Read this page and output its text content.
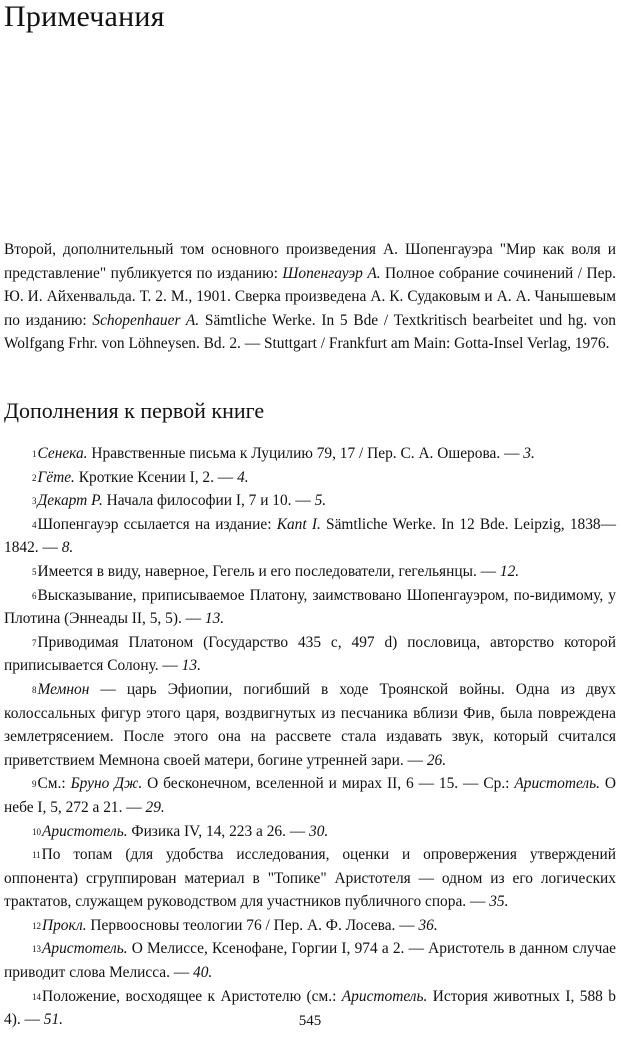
Примечания

Второй, дополнительный том основного произведения А. Шопенгауэра "Мир как воля и представление" публикуется по изданию: Шопенгауэр А. Полное собрание сочинений / Пер. Ю. И. Айхенвальда. Т. 2. М., 1901. Сверка произведена А. К. Судаковым и А. А. Чанышевым по изданию: Schopenhauer A. Sämtliche Werke. In 5 Bde / Textkritisch bearbeitet und hg. von Wolfgang Frhr. von Löhneysen. Bd. 2. — Stuttgart / Frankfurt am Main: Gotta-Insel Verlag, 1976.

Дополнения к первой книге
$^1$Сенека. Нравственные письма к Луцилию 79, 17 / Пер. С. А. Ошерова. — 3.
$^2$Гёте. Кроткие Ксении I, 2. — 4.
$^3$Декарт Р. Начала философии I, 7 и 10. — 5.
$^4$Шопенгауэр ссылается на издание: Kant I. Sämtliche Werke. In 12 Bde. Leipzig, 1838—1842. — 8.
$^5$Имеется в виду, наверное, Гегель и его последователи, гегельянцы. — 12.
$^6$Высказывание, приписываемое Платону, заимствовано Шопенгауэром, по-видимому, у Плотина (Эннеады II, 5, 5). — 13.
$^7$Приводимая Платоном (Государство 435 с, 497 d) пословица, авторство которой приписывается Солону. — 13.
$^8$Мемнон — царь Эфиопии, погибший в ходе Троянской войны. Одна из двух колоссальных фигур этого царя, воздвигнутых из песчаника вблизи Фив, была повреждена землетрясением. После этого она на рассвете стала издавать звук, который считался приветствием Мемнона своей матери, богине утренней зари. — 26.
$^9$См.: Бруно Дж. О бесконечном, вселенной и мирах II, 6 — 15. — Ср.: Аристотель. О небе I, 5, 272 а 21. — 29.
$^{10}$Аристотель. Физика IV, 14, 223 а 26. — 30.
$^{11}$По топам (для удобства исследования, оценки и опровержения утверждений оппонента) сгруппирован материал в "Топике" Аристотеля — одном из его логических трактатов, служащем руководством для участников публичного спора. — 35.
$^{12}$Прокл. Первоосновы теологии 76 / Пер. А. Ф. Лосева. — 36.
$^{13}$Аристотель. О Мелиссе, Ксенофане, Горгии I, 974 а 2. — Аристотель в данном случае приводит слова Мелисса. — 40.
$^{14}$Положение, восходящее к Аристотелю (см.: Аристотель. История животных I, 588 b 4). — 51.	545
